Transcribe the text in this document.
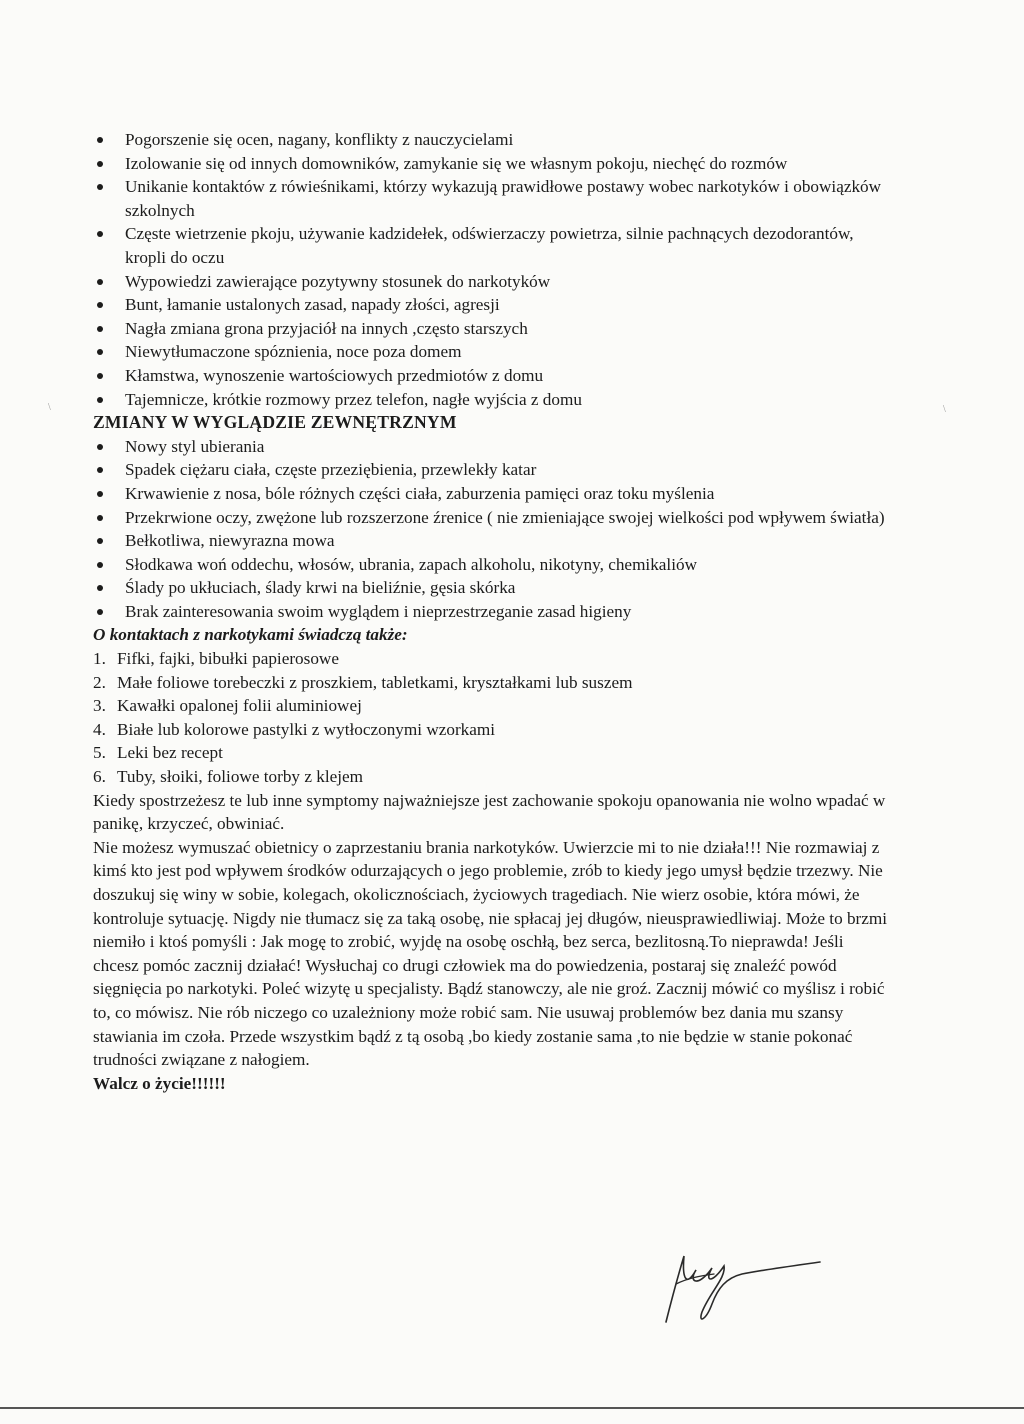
Pogorszenie się ocen, nagany, konflikty z nauczycielami
Izolowanie się od innych domowników, zamykanie się we własnym pokoju, niechęć do rozmów
Unikanie kontaktów z rówieśnikami, którzy wykazują prawidłowe postawy wobec narkotyków i obowiązków szkolnych
Częste wietrzenie pkoju, używanie kadzidełek, odświerzaczy powietrza, silnie pachnących dezodorantów, kropli do oczu
Wypowiedzi zawierające pozytywny stosunek do narkotyków
Bunt, łamanie ustalonych zasad, napady złości, agresji
Nagła zmiana grona przyjaciół na innych ,często starszych
Niewytłumaczone spóznienia, noce poza domem
Kłamstwa, wynoszenie wartościowych przedmiotów z domu
Tajemnicze, krótkie rozmowy przez telefon, nagłe wyjścia z domu
ZMIANY W WYGLĄDZIE ZEWNĘTRZNYM
Nowy styl ubierania
Spadek ciężaru ciała, częste przeziębienia, przewlekły katar
Krwawienie z nosa, bóle różnych części ciała, zaburzenia pamięci oraz toku myślenia
Przekrwione oczy, zwężone lub rozszerzone źrenice ( nie zmieniające swojej wielkości pod wpływem światła)
Bełkotliwa, niewyrazna mowa
Słodkawa woń oddechu, włosów, ubrania, zapach alkoholu, nikotyny, chemikaliów
Ślady po ukłuciach, ślady krwi na bieliźnie, gęsia skórka
Brak zainteresowania swoim wyglądem i nieprzestrzeganie zasad higieny
O kontaktach z narkotykami świadczą także:
1. Fifki, fajki, bibułki papierosowe
2. Małe foliowe torebeczki z proszkiem, tabletkami, kryształkami lub suszem
3. Kawałki opalonej folii aluminiowej
4. Białe lub kolorowe pastylki z wytłoczonymi wzorkami
5. Leki bez recept
6. Tuby, słoiki, foliowe torby z klejem

Kiedy spostrzeżesz te lub inne symptomy najważniejsze jest zachowanie spokoju opanowania nie wolno wpadać w panikę, krzyczeć, obwiniać.

Nie możesz wymuszać obietnicy o zaprzestaniu brania narkotyków. Uwierzcie mi to nie działa!!! Nie rozmawiaj z kimś kto jest pod wpływem środków odurzających o jego problemie, zrób to kiedy jego umysł będzie trzezwy. Nie doszukuj się winy w sobie, kolegach, okolicznościach, życiowych tragediach. Nie wierz osobie, która mówi, że kontroluje sytuację. Nigdy nie tłumacz się za taką osobę, nie spłacaj jej długów, nieusprawiedliwiaj. Może to brzmi niemiło i ktoś pomyśli : Jak mogę to zrobić, wyjdę na osobę oschłą, bez serca, bezlitosną.To nieprawda! Jeśli chcesz pomóc zacznij działać! Wysłuchaj co drugi człowiek ma do powiedzenia, postaraj się znaleźć powód sięgnięcia po narkotyki. Poleć wizytę u specjalisty. Bądź stanowczy, ale nie groź. Zacznij mówić co myślisz i robić to, co mówisz. Nie rób niczego co uzależniony może robić sam. Nie usuwaj problemów bez dania mu szansy stawiania im czoła. Przede wszystkim bądź z tą osobą ,bo kiedy zostanie sama ,to nie będzie w stanie pokonać trudności związane z nałogiem.

Walcz o życie!!!!!!

\	\
